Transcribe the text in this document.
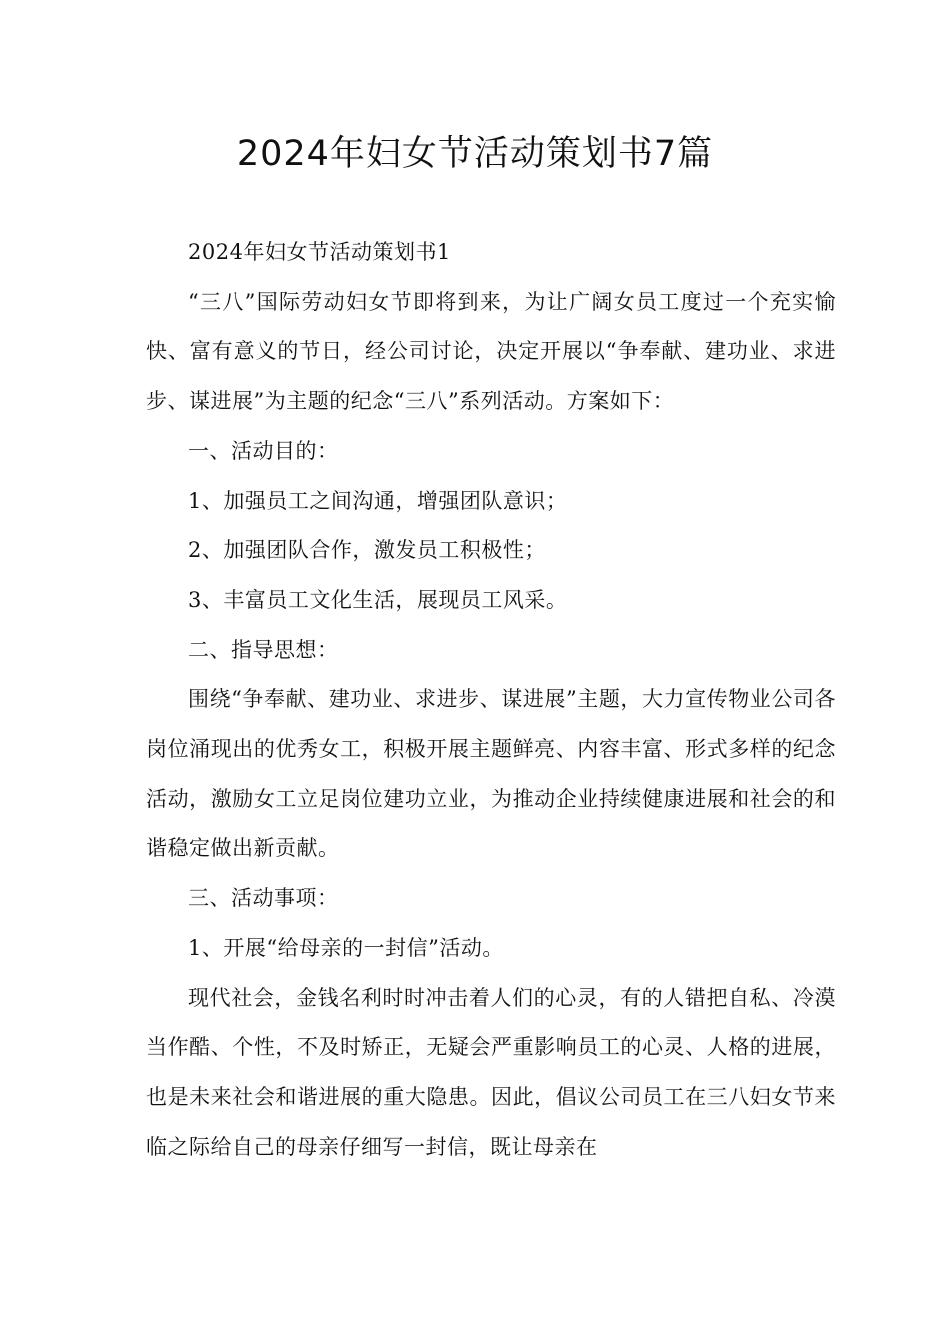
2024年妇女节活动策划书7篇

2024年妇女节活动策划书1

“三八”国际劳动妇女节即将到来，为让广阔女员工度过一个充实愉快、富有意义的节日，经公司讨论，决定开展以“争奉献、建功业、求进步、谋进展”为主题的纪念“三八”系列活动。方案如下：

一、活动目的：

1、加强员工之间沟通，增强团队意识；

2、加强团队合作，激发员工积极性；

3、丰富员工文化生活，展现员工风采。

二、指导思想：

围绕“争奉献、建功业、求进步、谋进展”主题，大力宣传物业公司各岗位涌现出的优秀女工，积极开展主题鲜亮、内容丰富、形式多样的纪念活动，激励女工立足岗位建功立业，为推动企业持续健康进展和社会的和谐稳定做出新贡献。

三、活动事项：

1、开展“给母亲的一封信”活动。

现代社会，金钱名利时时冲击着人们的心灵，有的人错把自私、冷漠当作酷、个性，不及时矫正，无疑会严重影响员工的心灵、人格的进展，也是未来社会和谐进展的重大隐患。因此，倡议公司员工在三八妇女节来临之际给自己的母亲仔细写一封信，既让母亲在
